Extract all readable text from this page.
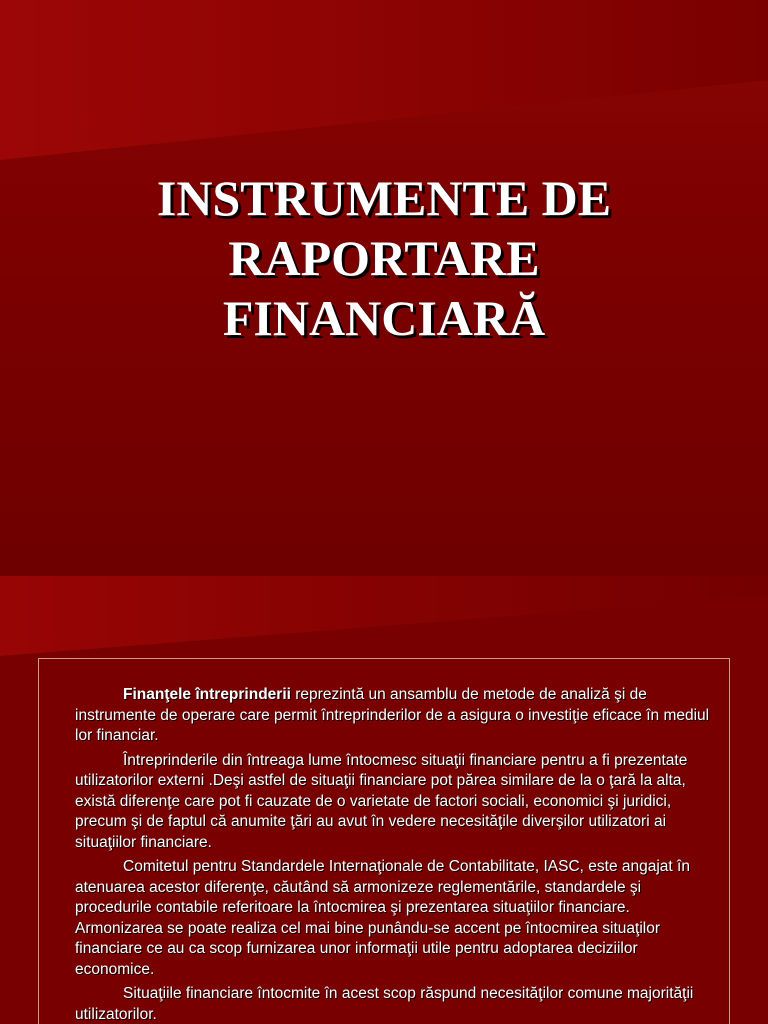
INSTRUMENTE DE
RAPORTARE
FINANCIARĂ

Finanţele întreprinderii reprezintă un ansamblu de metode de analiză şi de instrumente de operare care permit întreprinderilor de a asigura o investiţie eficace în mediul lor financiar.

Întreprinderile din întreaga lume întocmesc situaţii financiare pentru a fi prezentate utilizatorilor externi .Deşi astfel de situaţii financiare pot părea similare de la o ţară la alta, există diferenţe care pot fi cauzate de o varietate de factori sociali, economici şi juridici, precum şi de faptul că anumite ţări au avut în vedere necesităţile diverşilor utilizatori ai situaţiilor financiare.

Comitetul pentru Standardele Internaţionale de Contabilitate, IASC, este angajat în atenuarea acestor diferenţe, căutând să armonizeze reglementările, standardele şi procedurile contabile referitoare la întocmirea şi prezentarea situaţiilor financiare. Armonizarea se poate realiza cel mai bine punându-se accent pe întocmirea situaţilor financiare ce au ca scop furnizarea unor informaţii utile pentru adoptarea deciziilor economice.

Situaţiile financiare întocmite în acest scop răspund necesităţilor comune majorităţii utilizatorilor.
